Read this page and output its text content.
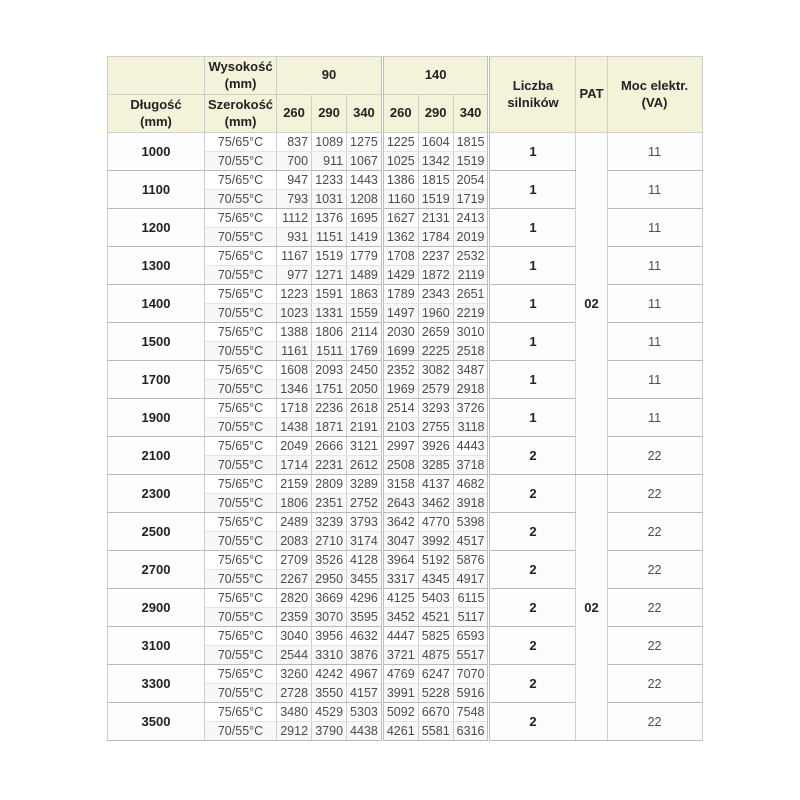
Wysokość
(mm)
	90	140	
Liczba
silników
	PAT	
Moc elektr.
(VA)

Długość
(mm)

Szerokość
(mm)
	260	290	340	260	290	340
1000	75/65°C	837	1089	1275	1225	1604	1815	1	02	11
	70/55°C	700	911	1067	1025	1342	1519			
1100	75/65°C	947	1233	1443	1386	1815	2054	1		11
	70/55°C	793	1031	1208	1160	1519	1719			
1200	75/65°C	1112	1376	1695	1627	2131	2413	1		11
	70/55°C	931	1151	1419	1362	1784	2019			
1300	75/65°C	1167	1519	1779	1708	2237	2532	1		11
	70/55°C	977	1271	1489	1429	1872	2119			
1400	75/65°C	1223	1591	1863	1789	2343	2651	1		11
	70/55°C	1023	1331	1559	1497	1960	2219			
1500	75/65°C	1388	1806	2114	2030	2659	3010	1		11
	70/55°C	1161	1511	1769	1699	2225	2518			
1700	75/65°C	1608	2093	2450	2352	3082	3487	1		11
	70/55°C	1346	1751	2050	1969	2579	2918			
1900	75/65°C	1718	2236	2618	2514	3293	3726	1		11
	70/55°C	1438	1871	2191	2103	2755	3118			
2100	75/65°C	2049	2666	3121	2997	3926	4443	2		22
	70/55°C	1714	2231	2612	2508	3285	3718			
2300	75/65°C	2159	2809	3289	3158	4137	4682	2	02	22
	70/55°C	1806	2351	2752	2643	3462	3918			
2500	75/65°C	2489	3239	3793	3642	4770	5398	2		22
	70/55°C	2083	2710	3174	3047	3992	4517			
2700	75/65°C	2709	3526	4128	3964	5192	5876	2		22
	70/55°C	2267	2950	3455	3317	4345	4917			
2900	75/65°C	2820	3669	4296	4125	5403	6115	2		22
	70/55°C	2359	3070	3595	3452	4521	5117			
3100	75/65°C	3040	3956	4632	4447	5825	6593	2		22
	70/55°C	2544	3310	3876	3721	4875	5517			
3300	75/65°C	3260	4242	4967	4769	6247	7070	2		22
	70/55°C	2728	3550	4157	3991	5228	5916			
3500	75/65°C	3480	4529	5303	5092	6670	7548	2		22
	70/55°C	2912	3790	4438	4261	5581	6316			
